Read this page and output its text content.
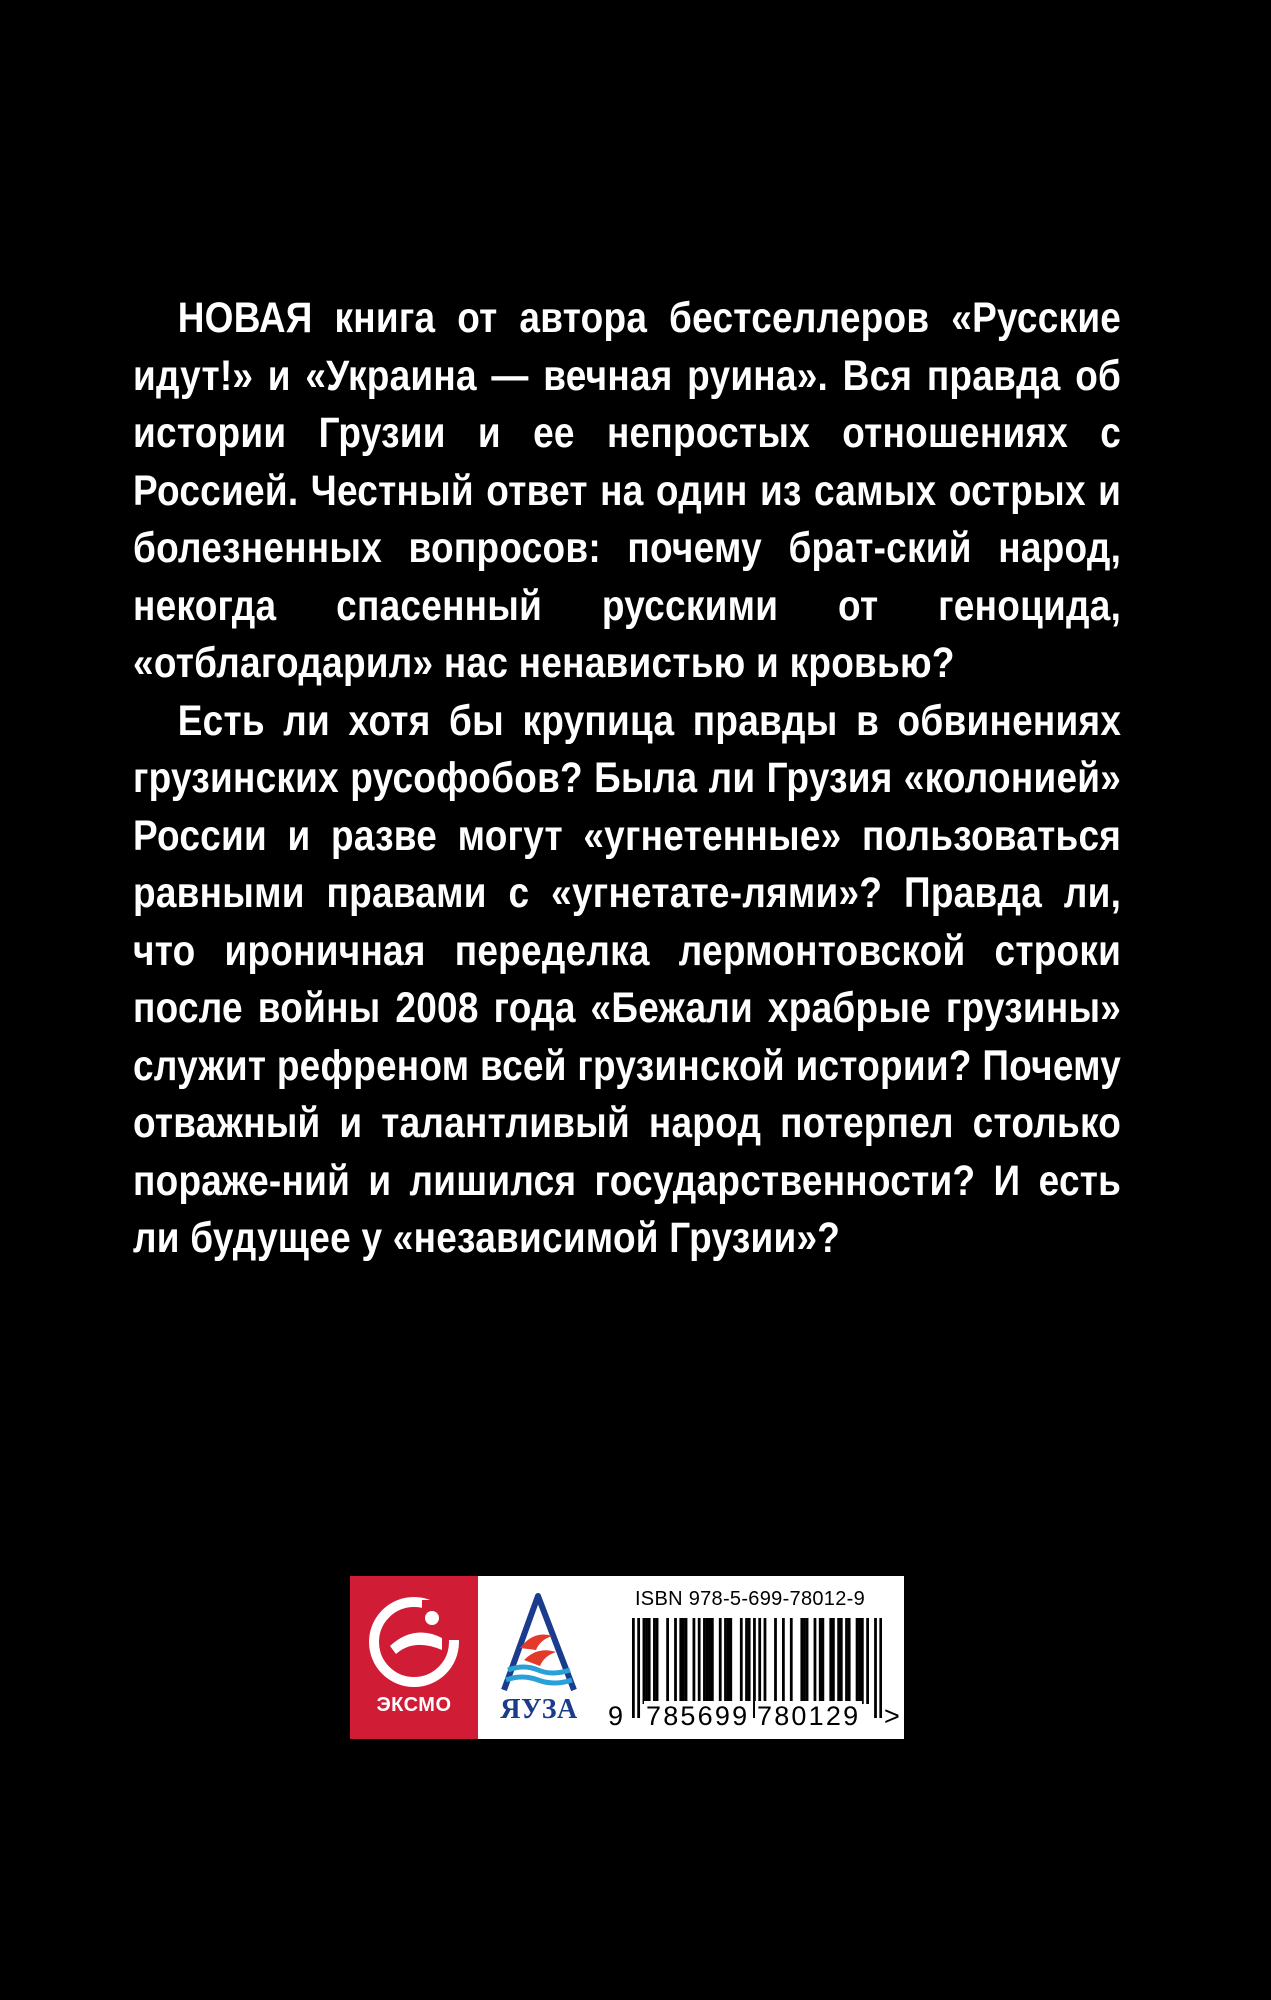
НОВАЯ книга от автора бестселлеров «Русские идут!» и «Украина — вечная руина». Вся правда об истории Грузии и ее непростых отношениях с Россией. Честный ответ на один из самых острых и болезненных вопросов: почему брат-ский народ, некогда спасенный русскими от геноцида, «отблагодарил» нас ненавистью и кровью?

Есть ли хотя бы крупица правды в обвинениях грузинских русофобов? Была ли Грузия «колонией» России и разве могут «угнетенные» пользоваться равными правами с «угнетате-лями»? Правда ли, что ироничная переделка лермонтовской строки после войны 2008 года «Бежали храбрые грузины» служит рефреном всей грузинской истории? Почему отважный и талантливый народ потерпел столько пораже-ний и лишился государственности? И есть ли будущее у «независимой Грузии»?

ЭКСМО	ЯУЗА
ISBN 978-5-699-78012-9
9 785699 780129 >
